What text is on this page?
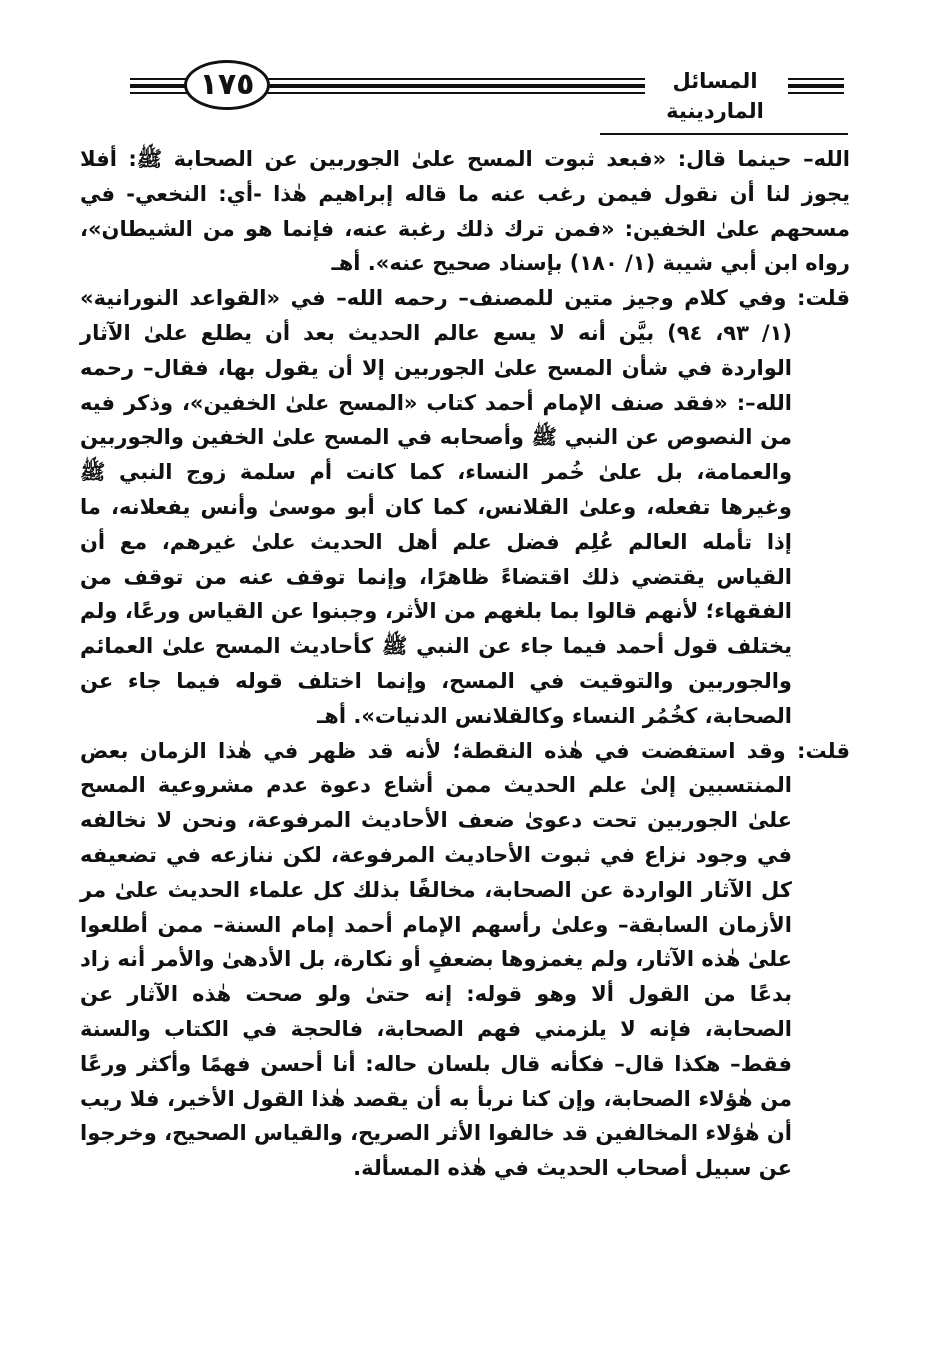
١٧٥	المسائل الماردينية

الله– حينما قال: «فبعد ثبوت المسح علىٰ الجوربين عن الصحابة ﷺ: أفلا يجوز لنا أن نقول فيمن رغب عنه ما قاله إبراهيم هٰذا -أي: النخعي- في مسحهم علىٰ الخفين: «فمن ترك ذلك رغبة عنه، فإنما هو من الشيطان»، رواه ابن أبي شيبة (١/ ١٨٠) بإسناد صحيح عنه». أهـ

قلت: وفي كلام وجيز متين للمصنف– رحمه الله– في «القواعد النورانية» (١/ ٩٣، ٩٤) بيَّن أنه لا يسع عالم الحديث بعد أن يطلع علىٰ الآثار الواردة في شأن المسح علىٰ الجوربين إلا أن يقول بها، فقال– رحمه الله–: «فقد صنف الإمام أحمد كتاب «المسح علىٰ الخفين»، وذكر فيه من النصوص عن النبي ﷺ وأصحابه في المسح علىٰ الخفين والجوربين والعمامة، بل علىٰ خُمر النساء، كما كانت أم سلمة زوج النبي ﷺ وغيرها تفعله، وعلىٰ القلانس، كما كان أبو موسىٰ وأنس يفعلانه، ما إذا تأمله العالم عُلِم فضل علم أهل الحديث علىٰ غيرهم، مع أن القياس يقتضي ذلك اقتضاءً ظاهرًا، وإنما توقف عنه من توقف من الفقهاء؛ لأنهم قالوا بما بلغهم من الأثر، وجبنوا عن القياس ورعًا، ولم يختلف قول أحمد فيما جاء عن النبي ﷺ كأحاديث المسح علىٰ العمائم والجوربين والتوقيت في المسح، وإنما اختلف قوله فيما جاء عن الصحابة، كخُمُر النساء وكالقلانس الدنيات». أهـ

قلت: وقد استفضت في هٰذه النقطة؛ لأنه قد ظهر في هٰذا الزمان بعض المنتسبين إلىٰ علم الحديث ممن أشاع دعوة عدم مشروعية المسح علىٰ الجوربين تحت دعوىٰ ضعف الأحاديث المرفوعة، ونحن لا نخالفه في وجود نزاع في ثبوت الأحاديث المرفوعة، لكن ننازعه في تضعيفه كل الآثار الواردة عن الصحابة، مخالفًا بذلك كل علماء الحديث علىٰ مر الأزمان السابقة– وعلىٰ رأسهم الإمام أحمد إمام السنة– ممن أطلعوا علىٰ هٰذه الآثار، ولم يغمزوها بضعفٍ أو نكارة، بل الأدهىٰ والأمر أنه زاد بدعًا من القول ألا وهو قوله: إنه حتىٰ ولو صحت هٰذه الآثار عن الصحابة، فإنه لا يلزمني فهم الصحابة، فالحجة في الكتاب والسنة فقط– هكذا قال– فكأنه قال بلسان حاله: أنا أحسن فهمًا وأكثر ورعًا من هٰؤلاء الصحابة، وإن كنا نربأ به أن يقصد هٰذا القول الأخير، فلا ريب أن هٰؤلاء المخالفين قد خالفوا الأثر الصريح، والقياس الصحيح، وخرجوا عن سبيل أصحاب الحديث في هٰذه المسألة.
